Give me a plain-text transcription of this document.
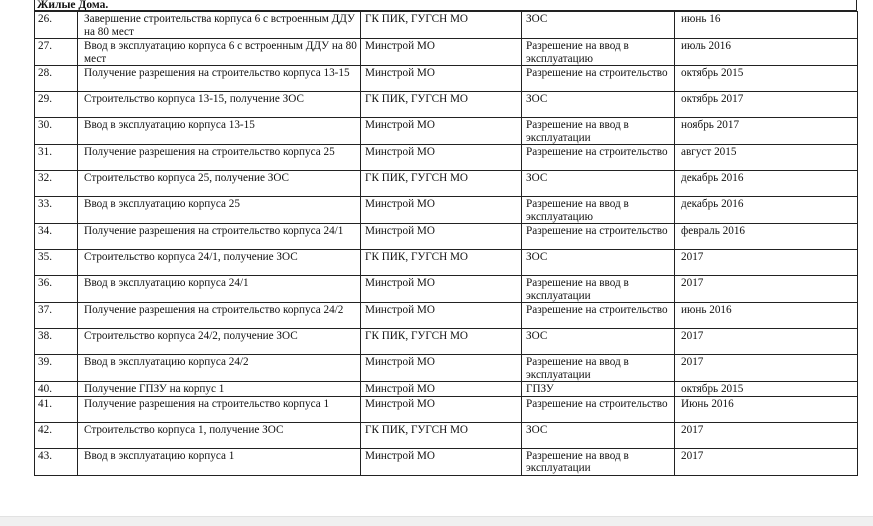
Жилые Дома.
26.	Завершение строительства корпуса 6 с встроенным ДДУ на 80 мест	ГК ПИК, ГУГСН МО	ЗОС	июнь 16
27.	Ввод в эксплуатацию корпуса 6 с встроенным ДДУ на 80 мест	Минстрой МО	Разрешение на ввод в эксплуатацию	июль 2016
28.	Получение разрешения на строительство корпуса 13-15	Минстрой МО	Разрешение на строительство	октябрь 2015
29.	Строительство корпуса 13-15, получение ЗОС	ГК ПИК, ГУГСН МО	ЗОС	октябрь 2017
30.	Ввод в эксплуатацию корпуса 13-15	Минстрой МО	Разрешение на ввод в эксплуатации	ноябрь 2017
31.	Получение разрешения на строительство корпуса 25	Минстрой МО	Разрешение на строительство	август 2015
32.	Строительство корпуса 25, получение ЗОС	ГК ПИК, ГУГСН МО	ЗОС	декабрь 2016
33.	Ввод в эксплуатацию корпуса 25	Минстрой МО	Разрешение на ввод в эксплуатацию	декабрь 2016
34.	Получение разрешения на строительство корпуса 24/1	Минстрой МО	Разрешение на строительство	февраль 2016
35.	Строительство корпуса 24/1, получение ЗОС	ГК ПИК, ГУГСН МО	ЗОС	2017
36.	Ввод в эксплуатацию корпуса 24/1	Минстрой МО	Разрешение на ввод в эксплуатации	2017
37.	Получение разрешения на строительство корпуса 24/2	Минстрой МО	Разрешение на строительство	июнь 2016
38.	Строительство корпуса 24/2, получение ЗОС	ГК ПИК, ГУГСН МО	ЗОС	2017
39.	Ввод в эксплуатацию корпуса 24/2	Минстрой МО	Разрешение на ввод в эксплуатации	2017
40.	Получение ГПЗУ на корпус 1	Минстрой МО	ГПЗУ	октябрь 2015
41.	Получение разрешения на строительство корпуса 1	Минстрой МО	Разрешение на строительство	Июнь 2016
42.	Строительство корпуса 1, получение ЗОС	ГК ПИК, ГУГСН МО	ЗОС	2017
43.	Ввод в эксплуатацию корпуса 1	Минстрой МО	Разрешение на ввод в эксплуатации	2017
